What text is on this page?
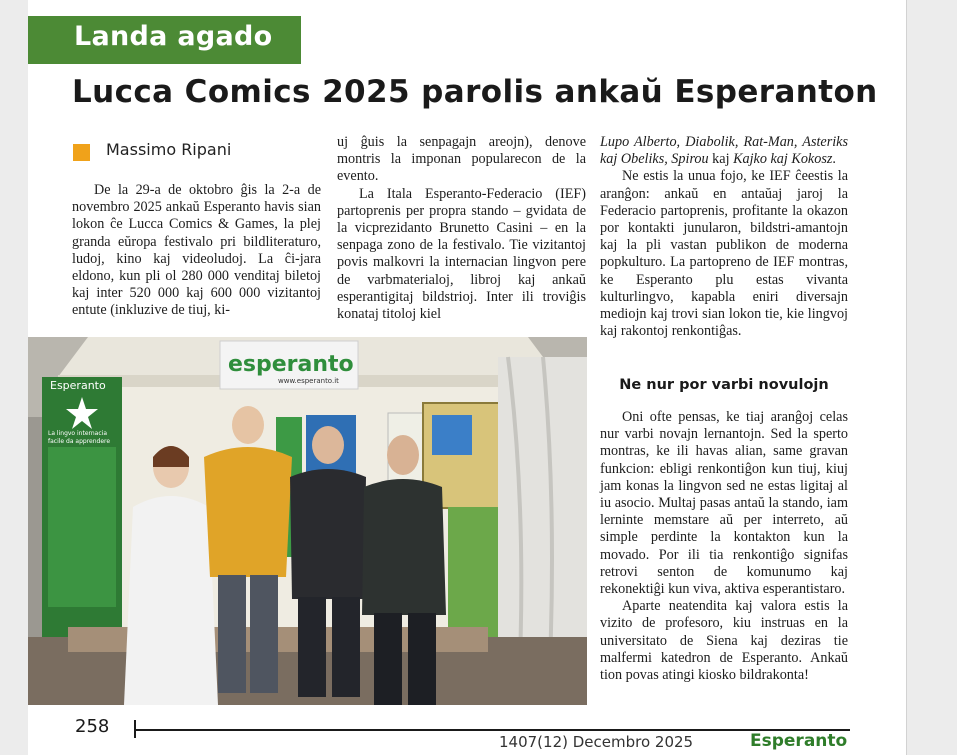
Landa agado
Lucca Comics 2025 parolis ankaŭ Esperanton
Massimo Ripani

De la 29-a de oktobro ĝis la 2-a de novembro 2025 ankaŭ Esperanto havis sian lokon ĉe Lucca Comics & Games, la plej granda eŭropa festivalo pri bildliteraturo, ludoj, kino kaj videoludoj. La ĉi-jara eldono, kun pli ol 280 000 venditaj biletoj kaj inter 520 000 kaj 600 000 vizitantoj entute (inkluzive de tiuj, ki-

uj ĝuis la senpagajn areojn), denove montris la imponan popularecon de la evento.

La Itala Esperanto-Federacio (IEF) partoprenis per propra stando – gvidata de la vicprezidanto Brunetto Casini – en la senpaga zono de la festivalo. Tie vizitantoj povis malkovri la internacian lingvon pere de varbmaterialoj, libroj kaj ankaŭ esperantigitaj bildstrioj. Inter ili troviĝis konataj titoloj kiel

Lupo Alberto, Diabolik, Rat-Man, Asteriks kaj Obeliks, Spirou kaj Kajko kaj Kokosz.

Ne estis la unua fojo, ke IEF ĉeestis la aranĝon: ankaŭ en antaŭaj jaroj la Federacio partoprenis, profitante la okazon por kontakti junularon, bildstri-amantojn kaj la pli vastan publikon de moderna popkulturo. La partopreno de IEF montras, ke Esperanto plu estas vivanta kulturlingvo, kapabla eniri diversajn mediojn kaj trovi sian lokon tie, kie lingvoj kaj rakontoj renkontiĝas.

Ne nur por varbi novulojn

Oni ofte pensas, ke tiaj aranĝoj celas nur varbi novajn lernantojn. Sed la sperto montras, ke ili havas alian, same gravan funkcion: ebligi renkontiĝon kun tiuj, kiuj jam konas la lingvon sed ne estas ligitaj al iu asocio. Multaj pasas antaŭ la stando, iam lernintе memstare aŭ per interreto, aŭ simple perdinte la kontakton kun la movado. Por ili tia renkontiĝo signifas retrovi senton de komunumo kaj rekonektiĝi kun viva, aktiva esperantistaro.

Aparte neatendita kaj valora estis la vizito de profesoro, kiu instruas en la universitato de Siena kaj deziras tie malfermi katedron de Esperanto. Ankaŭ tion povas atingi kiosko bildrakonta!

Esperanto
La lingvo internacia
facile da apprendere
esperanto
www.esperanto.it
258
1407(12) Decembro 2025	Esperanto
